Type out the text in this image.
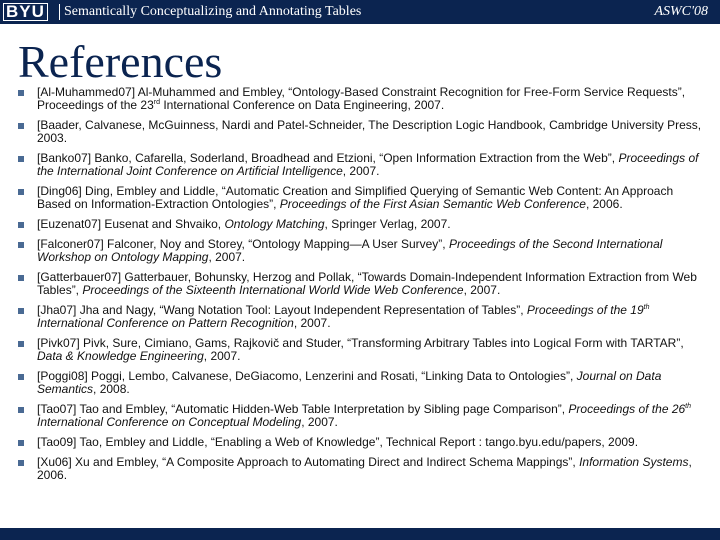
BYU Semantically Conceptualizing and Annotating Tables	ASWC'08
References
[Al-Muhammed07] Al-Muhammed and Embley, “Ontology-Based Constraint Recognition for Free-Form Service Requests”, Proceedings of the 23rd International Conference on Data Engineering, 2007.
[Baader, Calvanese, McGuinness, Nardi and Patel-Schneider, The Description Logic Handbook, Cambridge University Press, 2003.
[Banko07] Banko, Cafarella, Soderland, Broadhead and Etzioni, “Open Information Extraction from the Web”, Proceedings of the International Joint Conference on Artificial Intelligence, 2007.
[Ding06] Ding, Embley and Liddle, “Automatic Creation and Simplified Querying of Semantic Web Content: An Approach Based on Information-Extraction Ontologies”, Proceedings of the First Asian Semantic Web Conference, 2006.
[Euzenat07] Eusenat and Shvaiko, Ontology Matching, Springer Verlag, 2007.
[Falconer07] Falconer, Noy and Storey, “Ontology Mapping—A User Survey”, Proceedings of the Second International Workshop on Ontology Mapping, 2007.
[Gatterbauer07] Gatterbauer, Bohunsky, Herzog and Pollak, “Towards Domain-Independent Information Extraction from Web Tables”, Proceedings of the Sixteenth International World Wide Web Conference, 2007.
[Jha07] Jha and Nagy, “Wang Notation Tool: Layout Independent Representation of Tables”, Proceedings of the 19th International Conference on Pattern Recognition, 2007.
[Pivk07] Pivk, Sure, Cimiano, Gams, Rajkovič and Studer, “Transforming Arbitrary Tables into Logical Form with TARTAR”, Data & Knowledge Engineering, 2007.
[Poggi08] Poggi, Lembo, Calvanese, DeGiacomo, Lenzerini and Rosati, “Linking Data to Ontologies”, Journal on Data Semantics, 2008.
[Tao07] Tao and Embley, “Automatic Hidden-Web Table Interpretation by Sibling page Comparison”, Proceedings of the 26th International Conference on Conceptual Modeling, 2007.
[Tao09] Tao, Embley and Liddle, “Enabling a Web of Knowledge”, Technical Report : tango.byu.edu/papers, 2009.
[Xu06] Xu and Embley, “A Composite Approach to Automating Direct and Indirect Schema Mappings”, Information Systems, 2006.
